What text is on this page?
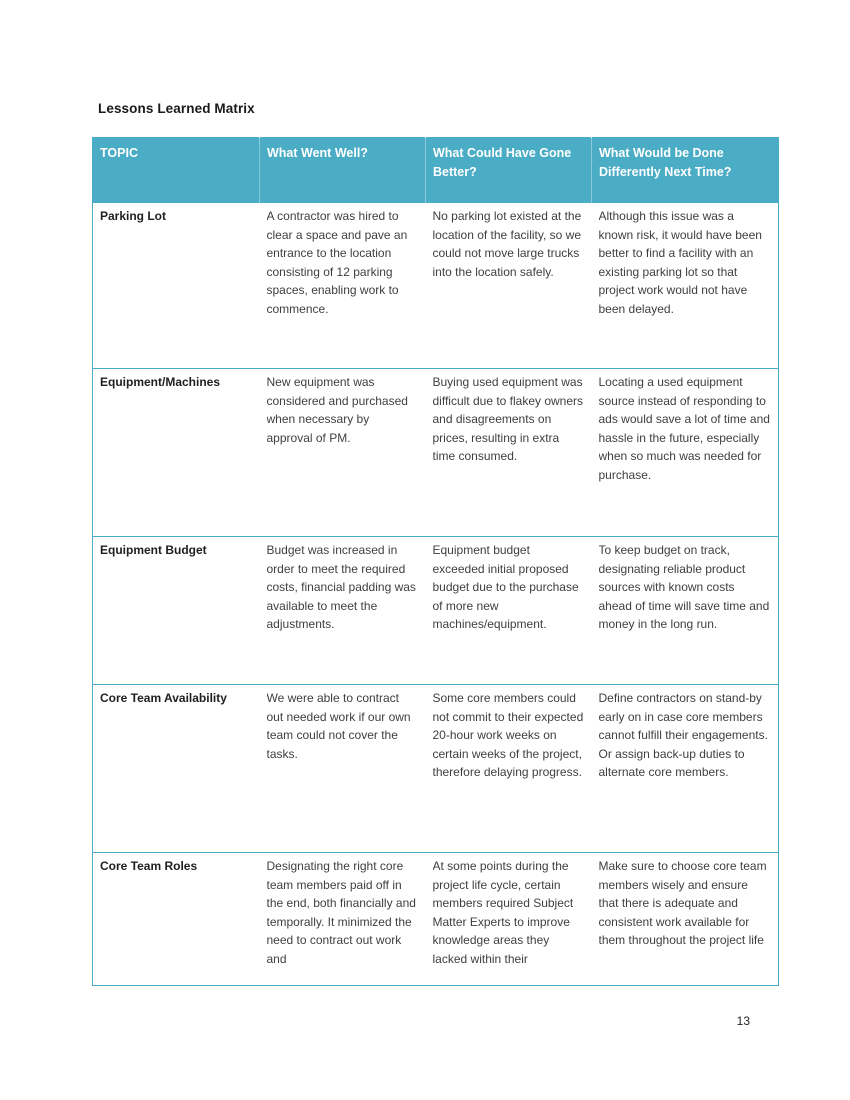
Lessons Learned Matrix
TOPIC	What Went Well?	What Could Have Gone Better?	What Would be Done Differently Next Time?

Parking Lot	A contractor was hired to clear a space and pave an entrance to the location consisting of 12 parking spaces, enabling work to commence.	No parking lot existed at the location of the facility, so we could not move large trucks into the location safely.	Although this issue was a known risk, it would have been better to find a facility with an existing parking lot so that project work would not have been delayed.

Equipment/Machines	New equipment was considered and purchased when necessary by approval of PM.	Buying used equipment was difficult due to flakey owners and disagreements on prices, resulting in extra time consumed.	Locating a used equipment source instead of responding to ads would save a lot of time and hassle in the future, especially when so much was needed for purchase.

Equipment Budget	Budget was increased in order to meet the required costs, financial padding was available to meet the adjustments.	Equipment budget exceeded initial proposed budget due to the purchase of more new machines/equipment.	To keep budget on track, designating reliable product sources with known costs ahead of time will save time and money in the long run.

Core Team Availability	We were able to contract out needed work if our own team could not cover the tasks.	Some core members could not commit to their expected 20-hour work weeks on certain weeks of the project, therefore delaying progress.	Define contractors on stand-by early on in case core members cannot fulfill their engagements. Or assign back-up duties to alternate core members.

Core Team Roles	Designating the right core team members paid off in the end, both financially and temporally. It minimized the need to contract out work and	At some points during the project life cycle, certain members required Subject Matter Experts to improve knowledge areas they lacked within their	Make sure to choose core team members wisely and ensure that there is adequate and consistent work available for them throughout the project life
13
